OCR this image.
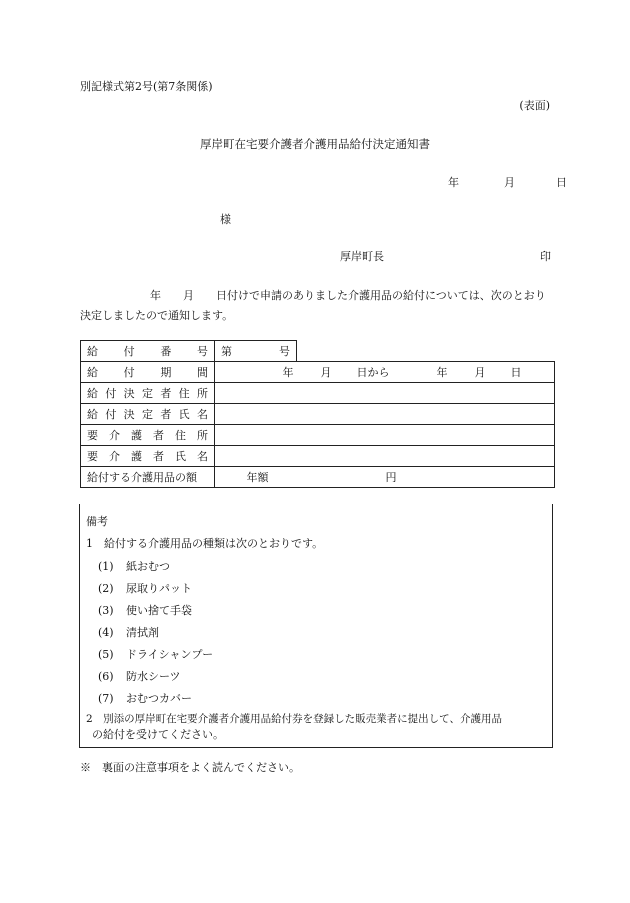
別記様式第2号(第7条関係)
(表面)
厚岸町在宅要介護者介護用品給付決定通知書
年	月	日
様
厚岸町長	印
年　　月　　日付けで申請のありました介護用品の給付については、次のとおり決定しましたので通知します。
給付番号	第 号	
給付期間	年 月 日から 年 月 日	
給付決定者住所		
給付決定者氏名		
要介護者住所		
要介護者氏名		
給付する介護用品の額	年額 円	
備考
1　給付する介護用品の種類は次のとおりです。
(1) 紙おむつ
(2) 尿取りパット
(3) 使い捨て手袋
(4) 清拭剤
(5) ドライシャンプー
(6) 防水シーツ
(7) おむつカバー
2　別添の厚岸町在宅要介護者介護用品給付券を登録した販売業者に提出して、介護用品
の給付を受けてください。
※　裏面の注意事項をよく読んでください。
